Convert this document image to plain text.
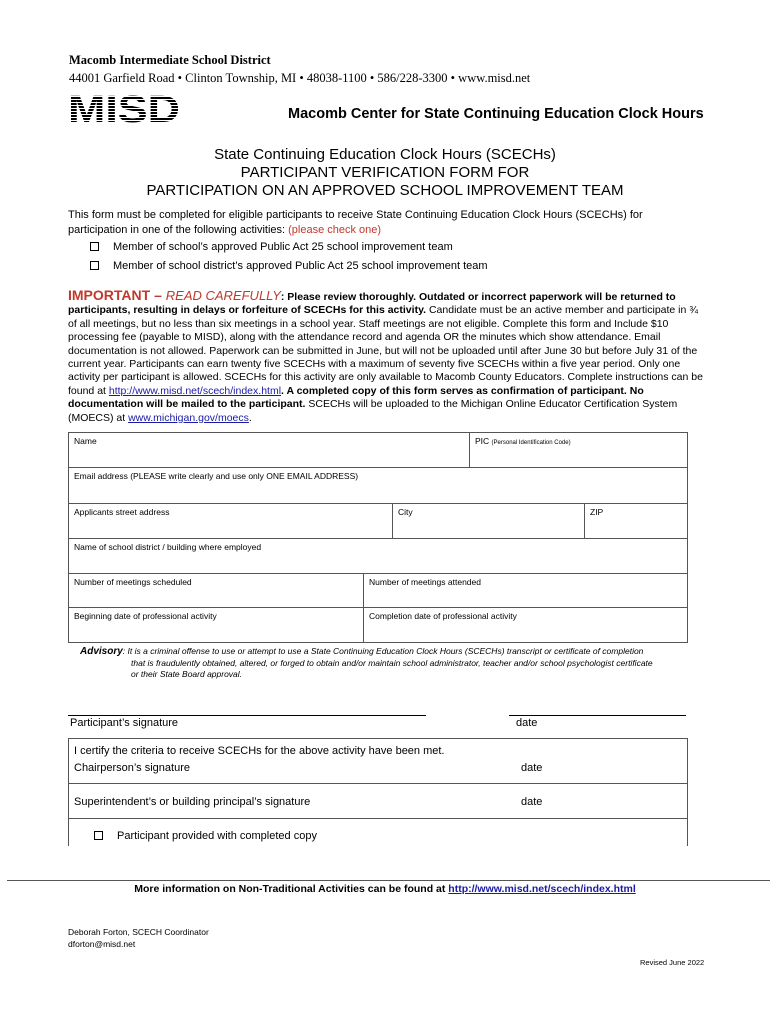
Macomb Intermediate School District
44001 Garfield Road • Clinton Township, MI • 48038-1100 • 586/228-3300 • www.misd.net
MISD	Macomb Center for State Continuing Education Clock Hours
State Continuing Education Clock Hours (SCECHs)
PARTICIPANT VERIFICATION FORM FOR
PARTICIPATION ON AN APPROVED SCHOOL IMPROVEMENT TEAM
This form must be completed for eligible participants to receive State Continuing Education Clock Hours (SCECHs) for participation in one of the following activities: (please check one)
Member of school’s approved Public Act 25 school improvement team
Member of school district’s approved Public Act 25 school improvement team
IMPORTANT – READ CAREFULLY: Please review thoroughly. Outdated or incorrect paperwork will be returned to participants, resulting in delays or forfeiture of SCECHs for this activity. Candidate must be an active member and participate in ¾ of all meetings, but no less than six meetings in a school year. Staff meetings are not eligible. Complete this form and Include $10 processing fee (payable to MISD), along with the attendance record and agenda OR the minutes which show attendance. Email documentation is not allowed. Paperwork can be submitted in June, but will not be uploaded until after June 30 but before July 31 of the current year. Participants can earn twenty five SCECHs with a maximum of seventy five SCECHs within a five year period. Only one activity per participant is allowed. SCECHs for this activity are only available to Macomb County Educators. Complete instructions can be found at http://www.misd.net/scech/index.html. A completed copy of this form serves as confirmation of participant. No documentation will be mailed to the participant. SCECHs will be uploaded to the Michigan Online Educator Certification System (MOECS) at www.michigan.gov/moecs.
Name	PIC (Personal Identification Code)
Email address (PLEASE write clearly and use only ONE EMAIL ADDRESS)
Applicants street address	City	ZIP
Name of school district / building where employed
Number of meetings scheduled	Number of meetings attended
Beginning date of professional activity	Completion date of professional activity
Advisory: It is a criminal offense to use or attempt to use a State Continuing Education Clock Hours (SCECHs) transcript or certificate of completion
that is fraudulently obtained, altered, or forged to obtain and/or maintain school administrator, teacher and/or school psychologist certificate
or their State Board approval.
Participant’s signature	date
I certify the criteria to receive SCECHs for the above activity have been met.
Chairperson’s signature	date
Superintendent’s or building principal’s signature	date
Participant provided with completed copy
More information on Non-Traditional Activities can be found at http://www.misd.net/scech/index.html
Deborah Forton, SCECH Coordinator
dforton@misd.net
Revised June 2022
